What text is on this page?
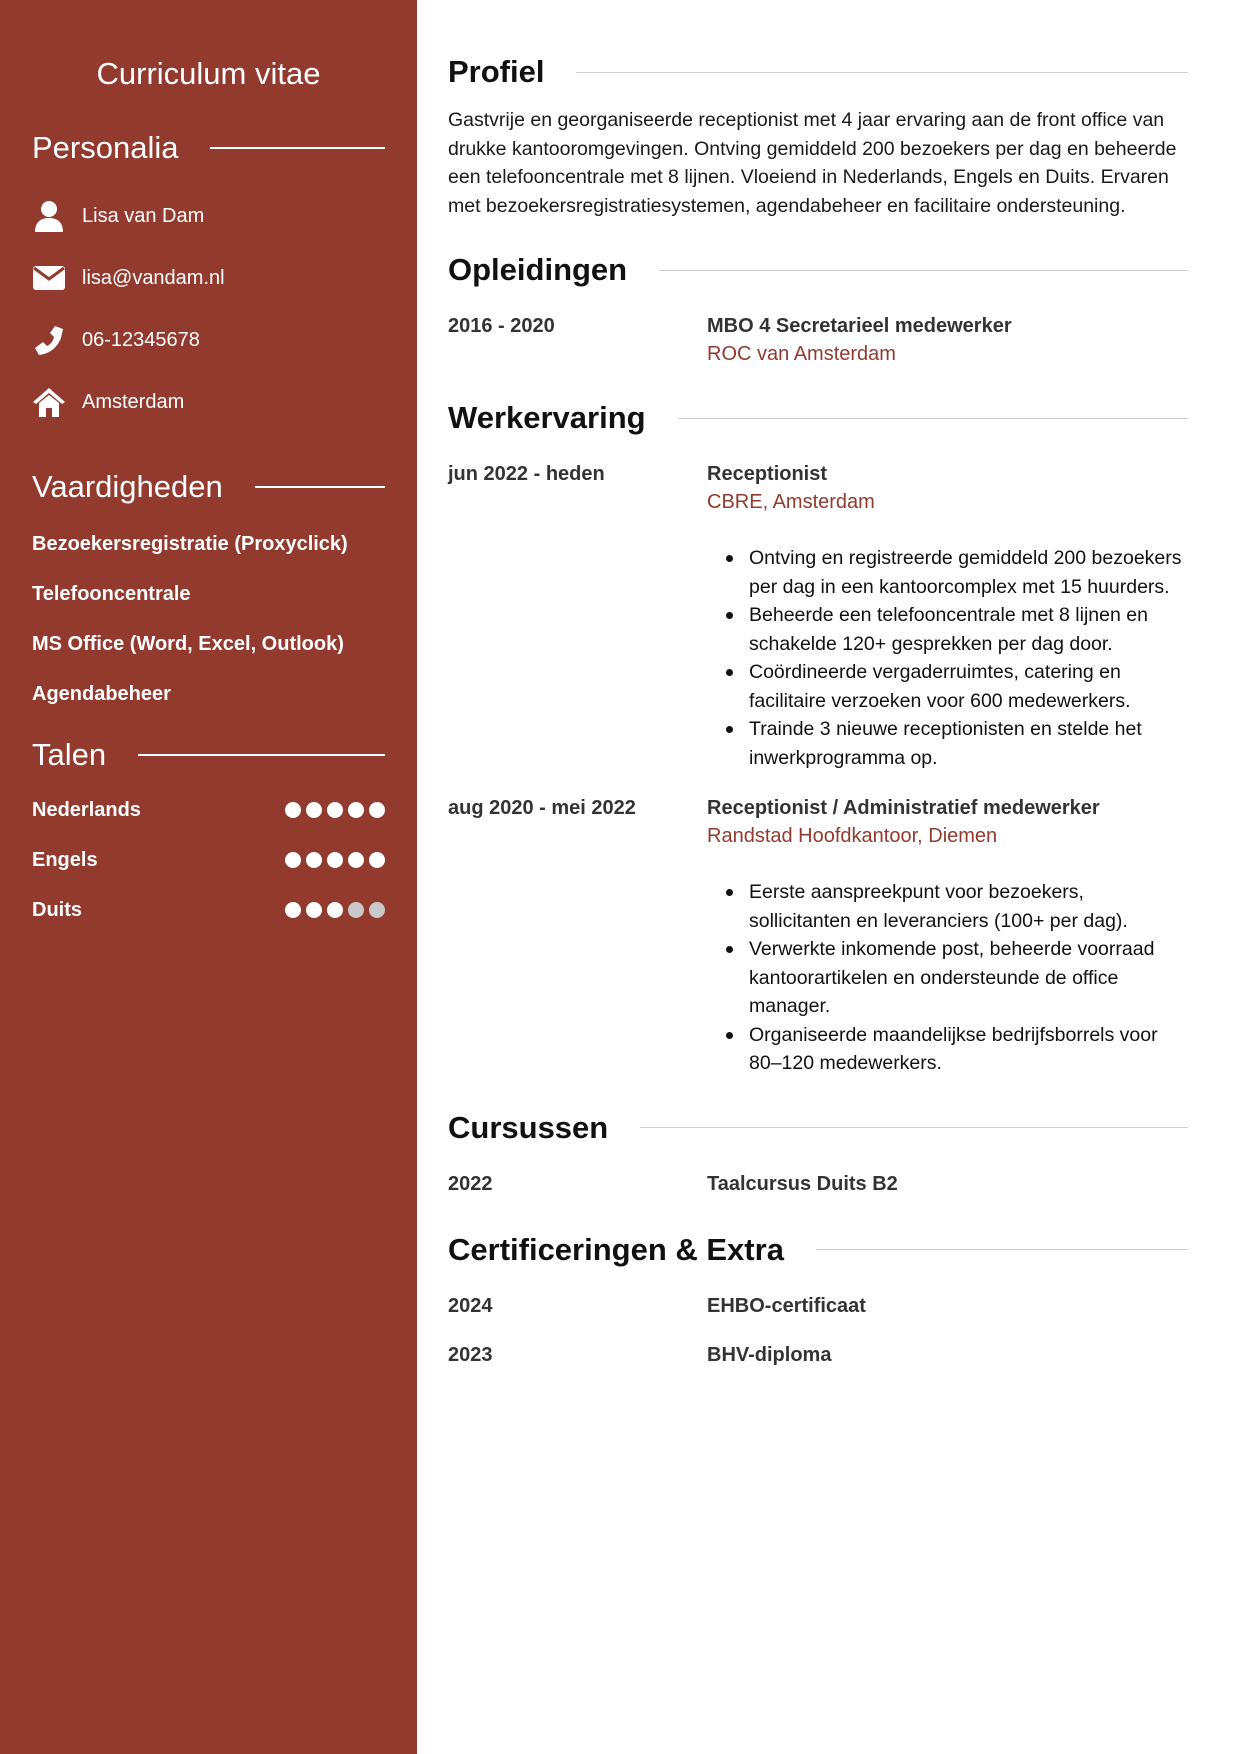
Curriculum vitae
Personalia
Lisa van Dam
lisa@vandam.nl
06-12345678
Amsterdam
Vaardigheden
Bezoekersregistratie (Proxyclick)
Telefooncentrale
MS Office (Word, Excel, Outlook)
Agendabeheer
Talen
Nederlands
Engels
Duits
Profiel

Gastvrije en georganiseerde receptionist met 4 jaar ervaring aan de front office van drukke kantooromgevingen. Ontving gemiddeld 200 bezoekers per dag en beheerde een telefooncentrale met 8 lijnen. Vloeiend in Nederlands, Engels en Duits. Ervaren met bezoekersregistratiesystemen, agendabeheer en facilitaire ondersteuning.

Opleidingen
2016 - 2020	MBO 4 Secretarieel medewerker
ROC van Amsterdam
Werkervaring
jun 2022 - heden	Receptionist
CBRE, Amsterdam
Ontving en registreerde gemiddeld 200 bezoekers per dag in een kantoorcomplex met 15 huurders.
Beheerde een telefooncentrale met 8 lijnen en schakelde 120+ gesprekken per dag door.
Coördineerde vergaderruimtes, catering en facilitaire verzoeken voor 600 medewerkers.
Trainde 3 nieuwe receptionisten en stelde het inwerkprogramma op.
aug 2020 - mei 2022	Receptionist / Administratief medewerker
Randstad Hoofdkantoor, Diemen
Eerste aanspreekpunt voor bezoekers, sollicitanten en leveranciers (100+ per dag).
Verwerkte inkomende post, beheerde voorraad kantoorartikelen en ondersteunde de office manager.
Organiseerde maandelijkse bedrijfsborrels voor 80–120 medewerkers.
Cursussen
2022	Taalcursus Duits B2
Certificeringen & Extra
2024	EHBO-certificaat
2023	BHV-diploma
